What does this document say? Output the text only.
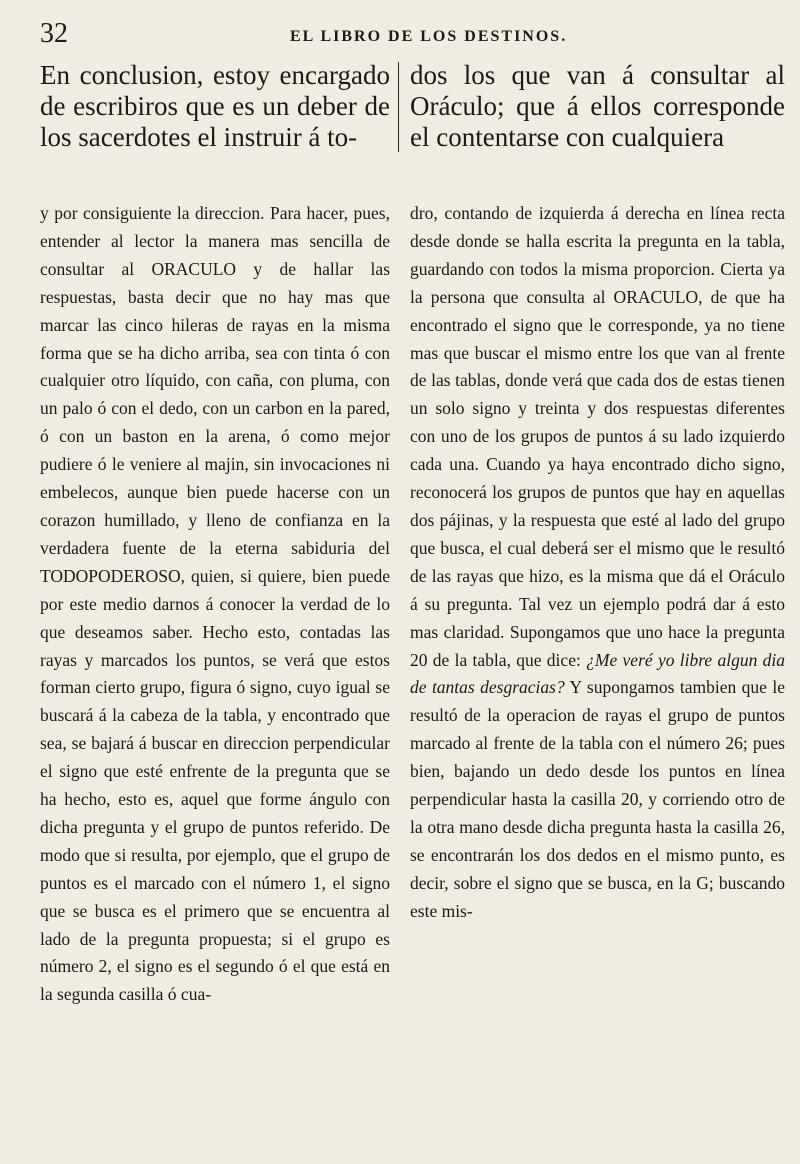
32	EL LIBRO DE LOS DESTINOS.

En conclusion, estoy encargado de escribiros que es un deber de los sacerdotes el instruir á to-

y por consiguiente la direccion. Para hacer, pues, entender al lector la manera mas sencilla de consultar al ORACULO y de hallar las respuestas, basta decir que no hay mas que marcar las cinco hileras de rayas en la misma forma que se ha dicho arriba, sea con tinta ó con cualquier otro líquido, con caña, con pluma, con un palo ó con el dedo, con un carbon en la pared, ó con un baston en la arena, ó como mejor pudiere ó le veniere al majin, sin invocaciones ni embelecos, aunque bien puede hacerse con un corazon humillado, y lleno de confianza en la verdadera fuente de la eterna sabiduria del TODOPODEROSO, quien, si quiere, bien puede por este medio darnos á conocer la verdad de lo que deseamos saber. Hecho esto, contadas las rayas y marcados los puntos, se verá que estos forman cierto grupo, figura ó signo, cuyo igual se buscará á la cabeza de la tabla, y encontrado que sea, se bajará á buscar en direccion perpendicular el signo que esté enfrente de la pregunta que se ha hecho, esto es, aquel que forme ángulo con dicha pregunta y el grupo de puntos referido. De modo que si resulta, por ejemplo, que el grupo de puntos es el marcado con el número 1, el signo que se busca es el primero que se encuentra al lado de la pregunta propuesta; si el grupo es número 2, el signo es el segundo ó el que está en la segunda casilla ó cua-

dos los que van á consultar al Oráculo; que á ellos corresponde el contentarse con cualquiera

dro, contando de izquierda á derecha en línea recta desde donde se halla escrita la pregunta en la tabla, guardando con todos la misma proporcion. Cierta ya la persona que consulta al ORACULO, de que ha encontrado el signo que le corresponde, ya no tiene mas que buscar el mismo entre los que van al frente de las tablas, donde verá que cada dos de estas tienen un solo signo y treinta y dos respuestas diferentes con uno de los grupos de puntos á su lado izquierdo cada una. Cuando ya haya encontrado dicho signo, reconocerá los grupos de puntos que hay en aquellas dos pájinas, y la respuesta que esté al lado del grupo que busca, el cual deberá ser el mismo que le resultó de las rayas que hizo, es la misma que dá el Oráculo á su pregunta. Tal vez un ejemplo podrá dar á esto mas claridad. Supongamos que uno hace la pregunta 20 de la tabla, que dice: ¿Me veré yo libre algun dia de tantas desgracias? Y supongamos tambien que le resultó de la operacion de rayas el grupo de puntos marcado al frente de la tabla con el número 26; pues bien, bajando un dedo desde los puntos en línea perpendicular hasta la casilla 20, y corriendo otro de la otra mano desde dicha pregunta hasta la casilla 26, se encontrarán los dos dedos en el mismo punto, es decir, sobre el signo que se busca, en la G; buscando este mis-
